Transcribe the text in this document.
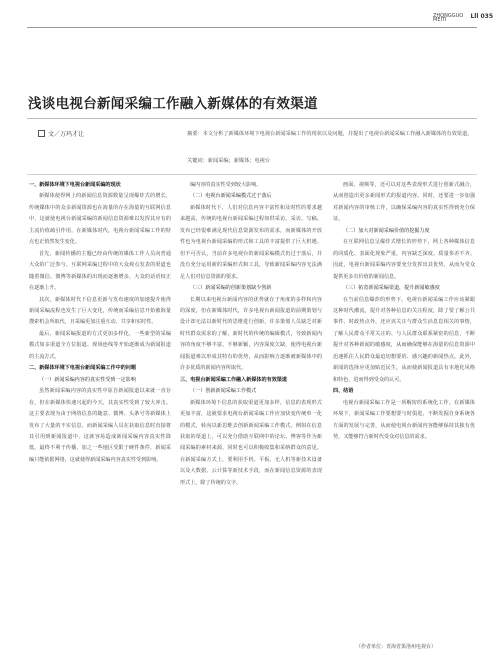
ZHONGGUO MEITI	Lll 035
浅谈电视台新闻采编工作融入新媒体的有效渠道
文／万玛才让	摘要：本文分析了新媒体环境下电视台新闻采编工作的现状以及问题，并提出了电视台新闻采编工作融入新媒体的有效渠道。
关键词：新闻采编；新媒体；电视台
一、新媒体环境下电视台新闻采编的现状
新媒体使得网上的新闻信息资源数量呈现爆炸式的增长，传统媒体中的众多新闻资源也在海量的存在海量的互联网信息中，这就使电视台新闻采编的新闻信息资源难以发挥其应有的主流价值疏引作用。在新媒体时代，电视台新闻采编工作的特点也正悄然发生变化。
首先，新闻传播的主题已经由传统的媒体工作人员向普通大众的广泛参与。互联网采编过程中的大众观点发表的渠道也随着微信、微博等新媒体的出现而逐渐增多，大众的话语权正在逐渐上升。
其次，新媒体时代下信息更新与发布速度的加速提升使得新闻采编流程也发生了巨大变化，传统而采编信息开始被海量搜索机会所取代，且采编更加注重互动、共享和实时性。
最后，新闻采编报道的方式更加多样化，一些新型的采编模式如多渠道全方位报道、现场连线等开始逐渐成为新闻报道的主流方式。
二、新媒体环境下电视台新闻采编工作中的问题
（一）新闻采编内容的真实性受到一定影响
虽然新闻采编内容的真实性中原自新闻报道以来就一直存在，但在新媒体快速兴起的今天，其真实性受到了较大冲击。这主要表现为由于网络信息的随意、微博、头条号等新媒体上发布了大量的不实信息，而新闻采编人员在获取信息时直接将其引用到新闻报道中，这就容易造成新闻采编内容真实性降低，最终不利于传播，加之一些地区受限于硬件条件，新闻采编只能依据网络，这就使得新闻采编内容真实性受到影响。
编内容的真实性受到较大影响。
（二）电视台新闻采编模式过于落后
新媒体时代下，人们对信息内容丰富性和及时性的要求越来越高，传统的电视台新闻采编过程如供采访、采访、写稿、发布已经很难满足现代信息资源发布的需求，而新媒体的开放性也为电视台新闻采编的形式和工具的丰富提供了巨大机遇。但不可否认，当前许多电视台的新闻采编模式仍过于落后，并没有充分运用新的采编形式和工具，导致新闻采编内容无法满足人们对信息资源的要求。
（三）新闻采编的创新策划缺少创新
长期以来电视台新闻内容的优势就在于角度的多样和内容的深度，但在新媒体时代，许多电视台新闻报道的前期策划与设计却无法以新时代的思维进行创新，许多策划人员缺乏对新时代群众需求的了解，新时代的传统的编辑模式，导致新闻内容的角度不够丰富、不够新颖，内容深度欠缺，使得电视台新闻报道难以形成其特有的优势，从而影响力逐渐被新媒体中的许多优质的新闻内容所取代。
三、电视台新闻采编工作融入新媒体的有效渠道
（一）创新新闻采编工作模式
新媒体环境下信息的获取渠道更加多样，信息的表现形式更加丰富，这就要求电视台新闻采编工作应加快变传统单一化的模式，转向以新思维去创新新闻采编工作模式。例如在信息获取的渠道上，可以充分借助互联网中的论坛、博客等作为新闻采编的素材来源，同时也可以积极收集和采纳群众的意见。在新闻采编方式上，要利用手机、平板、无人机等新技术设备以及大数据、云计算等新技术手段，而在新闻信息资源的表现形式上，除了传统的文字、
画面、视频等，还可以对这些表现形式进行创新式融合，从而创造出更多新闻形式的报道内容。同时，还要进一步加强对新闻内容的审核工作，以确保采编内容的真实性得到充分保证。
（二）加大对新闻采编价值的挖掘力度
在互联网信息呈爆炸式增长的形势下，网上各种媒体信息的同质化、表面化现象严重，内容缺乏深度、质量参差不齐。因此，电视台新闻采编内容要充分发挥出其优势，从而为受众提供更多有价值的新闻信息。
（三）拓宽新闻采编渠道，提升新闻敏感度
在当前信息爆炸的形势下，电视台新闻采编工作应该紧跟这种时代潮流，提升对各种信息的关注程度，除了要了解公共事件、时政热点外，还应该关注与群众生活息息相关的事情，了解人民群众平常关注的、与人民群众联系紧密的信息，不断提升对各种新闻的敏感度，从而确保能够在海量的信息资源中迅速抓住人民群众最迫切想要的、感兴趣的新闻热点。此外，新闻的选择应更加贴近民生，从而使新闻报道具有本地化风格和特色，进而得到受众的认可。
四、结语
电视台新闻采编工作是一项解密的系统化工作。在新媒体环境下，新闻采编工作要想要与时俱进，不断发掘自身系统各方面的发展与完善，从而使电视台新闻内容能够保持其独有优势，又能够符合新时代受众对信息的需求。
（作者单位：青海省果洛州电视台）
